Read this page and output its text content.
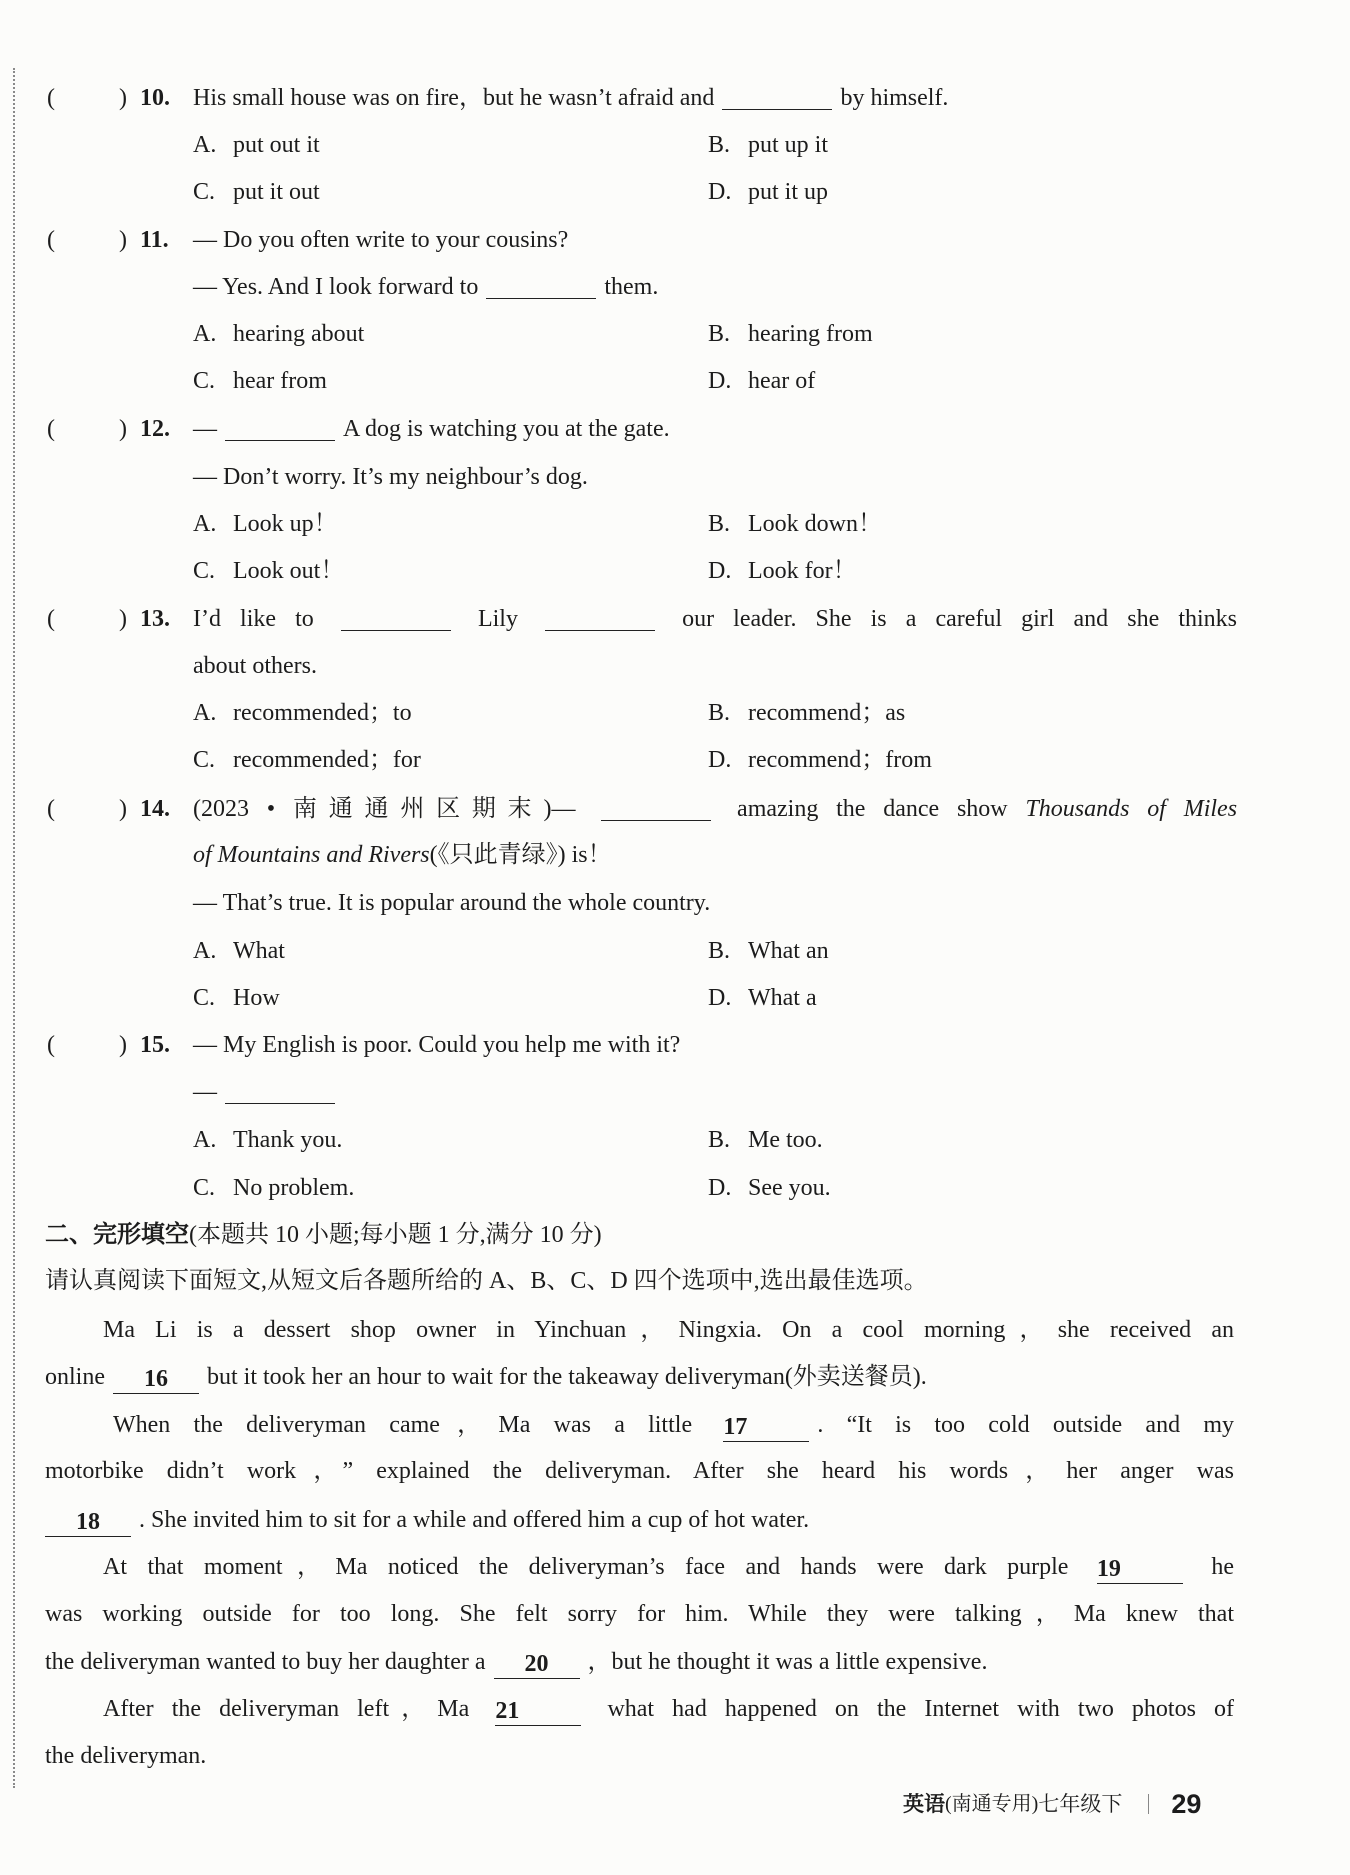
(	) 10. His small house was on fire，but he wasn’t afraid and	by himself.
A. put out it	B. put up it
C. put it out	D. put it up
(	) 11. — Do you often write to your cousins?
— Yes. And I look forward to	them.
A. hearing about	B. hearing from
C. hear from	D. hear of
(	) 12. —	A dog is watching you at the gate.
— Don’t worry. It’s my neighbour’s dog.
A. Look up！	B. Look down！
C. Look out！	D. Look for！
(	) 13. I’d like to	Lily	our leader. She is a careful girl and she thinks
about others.
A. recommended；to	B. recommend；as
C. recommended；for	D. recommend；from
(	) 14. (2023 • 南通通州区期末)—	amazing the dance show Thousands of Miles
of Mountains and Rivers(《只此青绿》) is！
— That’s true. It is popular around the whole country.
A. What	B. What an
C. How	D. What a
(	) 15. — My English is poor. Could you help me with it?
—
A. Thank you.	B. Me too.
C. No problem.	D. See you.
二、完形填空(本题共 10 小题;每小题 1 分,满分 10 分)
请认真阅读下面短文,从短文后各题所给的 A、B、C、D 四个选项中,选出最佳选项。
Ma Li is a dessert shop owner in Yinchuan，Ningxia. On a cool morning，she received an
online 16 but it took her an hour to wait for the takeaway deliveryman(外卖送餐员).
When the deliveryman came，Ma was a little 17	. “It is too cold outside and my
motorbike didn’t work，” explained the deliveryman. After she heard his words，her anger was
18 . She invited him to sit for a while and offered him a cup of hot water.
At that moment，Ma noticed the deliveryman’s face and hands were dark purple 19	he
was working outside for too long. She felt sorry for him. While they were talking，Ma knew that
the deliveryman wanted to buy her daughter a 20 ，but he thought it was a little expensive.
After the deliveryman left，Ma 21	what had happened on the Internet with two photos of
the deliveryman.
英语 (南通专用) 七年级下 29
